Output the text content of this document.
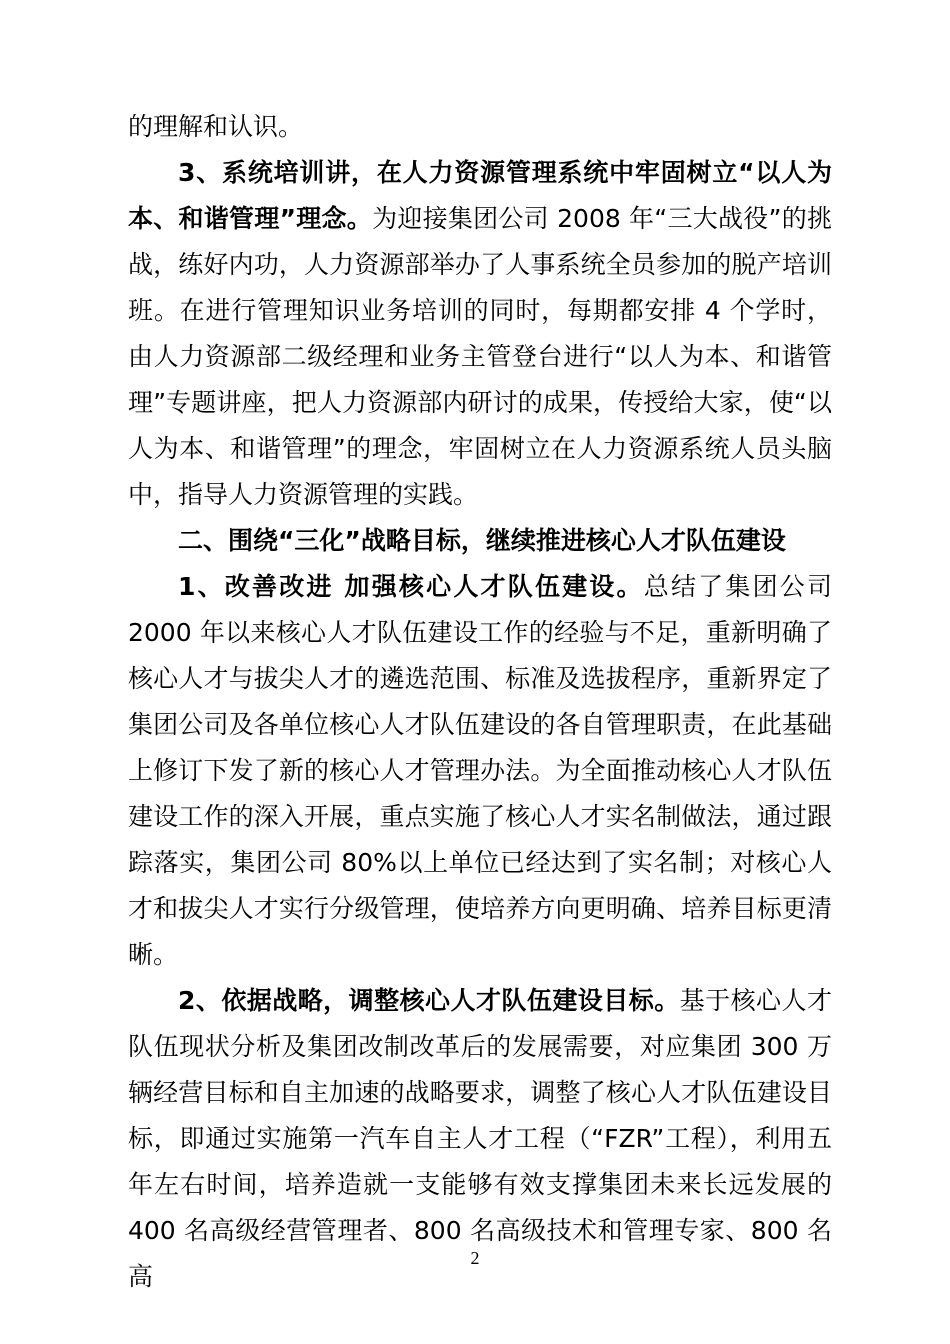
的理解和认识。

3、系统培训讲，在人力资源管理系统中牢固树立“以人为本、和谐管理”理念。为迎接集团公司 2008 年“三大战役”的挑战，练好内功，人力资源部举办了人事系统全员参加的脱产培训班。在进行管理知识业务培训的同时，每期都安排 4 个学时，由人力资源部二级经理和业务主管登台进行“以人为本、和谐管理”专题讲座，把人力资源部内研讨的成果，传授给大家，使“以人为本、和谐管理”的理念，牢固树立在人力资源系统人员头脑中，指导人力资源管理的实践。

二、围绕“三化”战略目标，继续推进核心人才队伍建设

1、改善改进 加强核心人才队伍建设。总结了集团公司 2000 年以来核心人才队伍建设工作的经验与不足，重新明确了核心人才与拔尖人才的遴选范围、标准及选拔程序，重新界定了集团公司及各单位核心人才队伍建设的各自管理职责，在此基础上修订下发了新的核心人才管理办法。为全面推动核心人才队伍建设工作的深入开展，重点实施了核心人才实名制做法，通过跟踪落实，集团公司 80%以上单位已经达到了实名制；对核心人才和拔尖人才实行分级管理，使培养方向更明确、培养目标更清晰。

2、依据战略，调整核心人才队伍建设目标。基于核心人才队伍现状分析及集团改制改革后的发展需要，对应集团 300 万辆经营目标和自主加速的战略要求，调整了核心人才队伍建设目标，即通过实施第一汽车自主人才工程（“FZR”工程），利用五年左右时间，培养造就一支能够有效支撑集团未来长远发展的 400 名高级经营管理者、800 名高级技术和管理专家、800 名高

2
